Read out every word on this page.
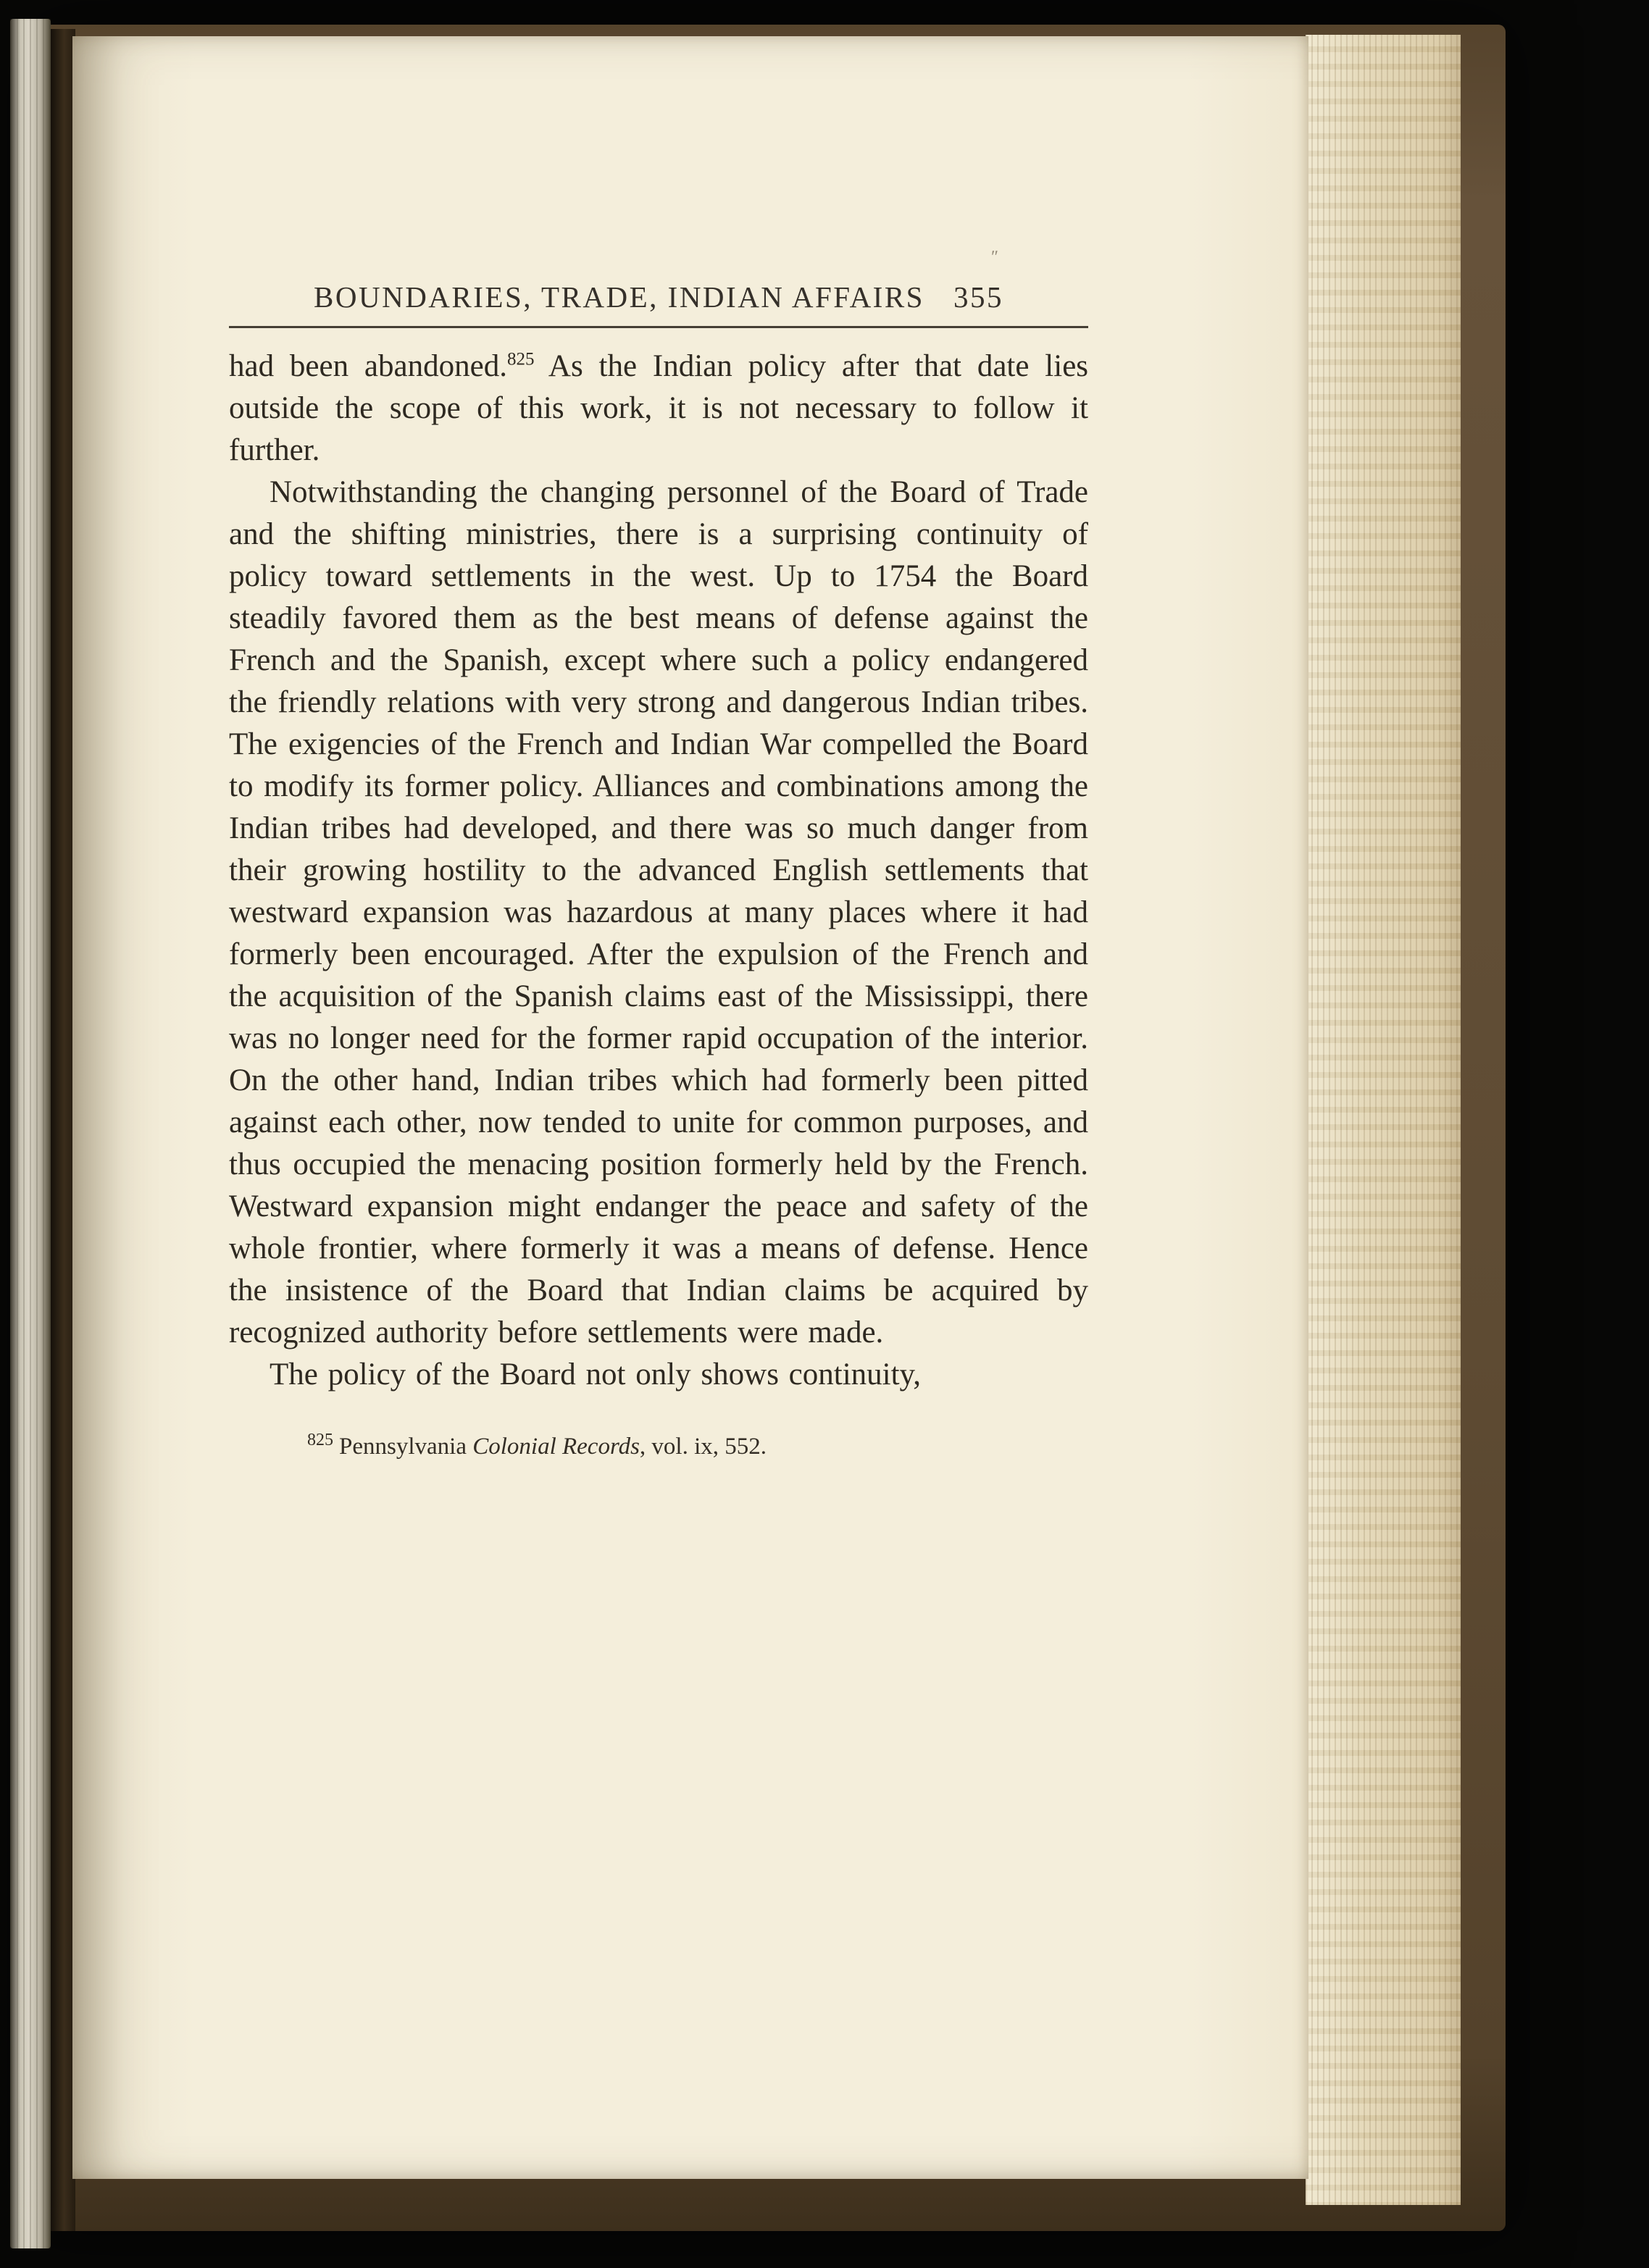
ʺ
BOUNDARIES, TRADE, INDIAN AFFAIRS 355

had been abandoned.$^{825}$ As the Indian policy after that date lies outside the scope of this work, it is not necessary to follow it further.

Notwithstanding the changing personnel of the Board of Trade and the shifting ministries, there is a surprising continuity of policy toward settlements in the west. Up to 1754 the Board steadily favored them as the best means of defense against the French and the Spanish, except where such a policy endangered the friendly relations with very strong and dangerous Indian tribes. The exigencies of the French and Indian War compelled the Board to modify its former policy. Alliances and combinations among the Indian tribes had developed, and there was so much danger from their growing hostility to the advanced English settlements that westward expansion was hazardous at many places where it had formerly been encouraged. After the expulsion of the French and the acquisition of the Spanish claims east of the Mississippi, there was no longer need for the former rapid occupation of the interior. On the other hand, Indian tribes which had formerly been pitted against each other, now tended to unite for common purposes, and thus occupied the menacing position formerly held by the French. Westward expansion might endanger the peace and safety of the whole frontier, where formerly it was a means of defense. Hence the insistence of the Board that Indian claims be acquired by recognized authority before settlements were made.

The policy of the Board not only shows continuity,

$^{825}$ Pennsylvania Colonial Records, vol. ix, 552.
